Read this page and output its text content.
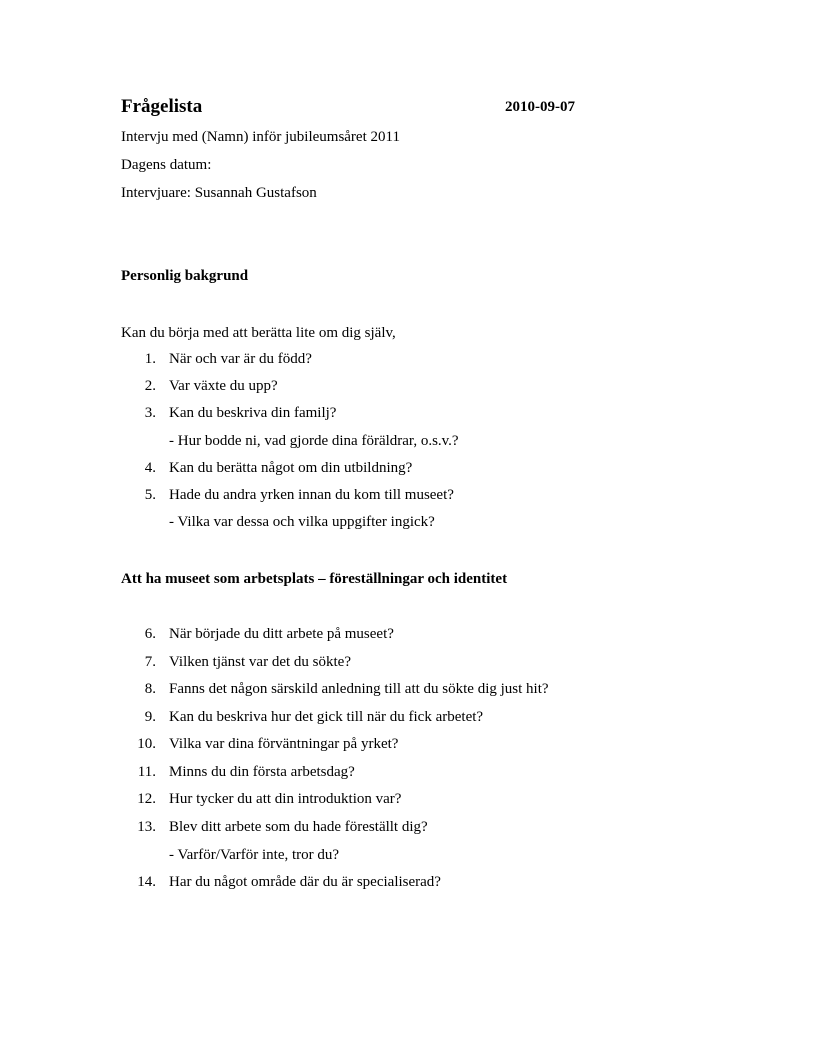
Frågelista	2010-09-07
Intervju med (Namn) inför jubileumsåret 2011
Dagens datum:
Intervjuare: Susannah Gustafson
Personlig bakgrund
Kan du börja med att berätta lite om dig själv,
1. När och var är du född?
2. Var växte du upp?
3. Kan du beskriva din familj?
- Hur bodde ni, vad gjorde dina föräldrar, o.s.v.?
4. Kan du berätta något om din utbildning?
5. Hade du andra yrken innan du kom till museet?
- Vilka var dessa och vilka uppgifter ingick?
Att ha museet som arbetsplats – föreställningar och identitet
6. När började du ditt arbete på museet?
7. Vilken tjänst var det du sökte?
8. Fanns det någon särskild anledning till att du sökte dig just hit?
9. Kan du beskriva hur det gick till när du fick arbetet?
10. Vilka var dina förväntningar på yrket?
11. Minns du din första arbetsdag?
12. Hur tycker du att din introduktion var?
13. Blev ditt arbete som du hade föreställt dig?
- Varför/Varför inte, tror du?
14. Har du något område där du är specialiserad?
